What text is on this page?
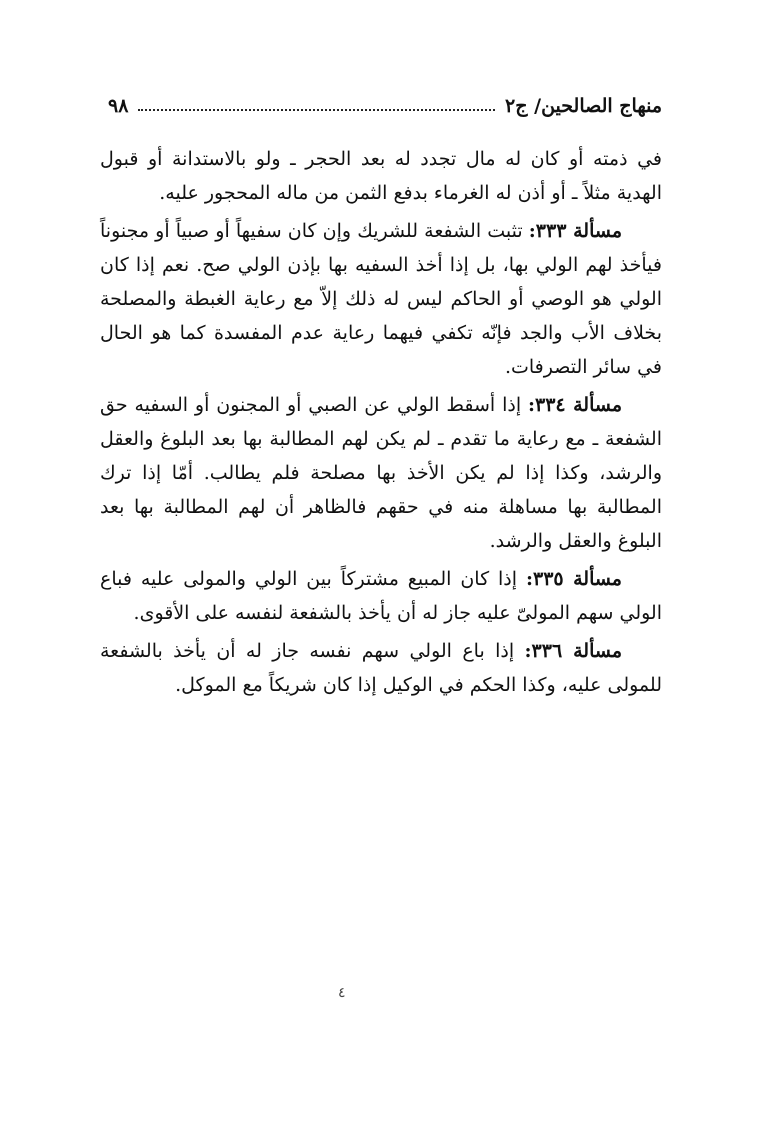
منهاج الصالحين/ ج٢
٩٨

في ذمته أو كان له مال تجدد له بعد الحجر ـ ولو بالاستدانة أو قبول الهدية مثلاً ـ أو أذن له الغرماء بدفع الثمن من ماله المحجور عليه.

مسألة ٣٣٣: تثبت الشفعة للشريك وإن كان سفيهاً أو صبياً أو مجنوناً فيأخذ لهم الولي بها، بل إذا أخذ السفيه بها بإذن الولي صح. نعم إذا كان الولي هو الوصي أو الحاكم ليس له ذلك إلاّ مع رعاية الغبطة والمصلحة بخلاف الأب والجد فإنّه تكفي فيهما رعاية عدم المفسدة كما هو الحال في سائر التصرفات.

مسألة ٣٣٤: إذا أسقط الولي عن الصبي أو المجنون أو السفيه حق الشفعة ـ مع رعاية ما تقدم ـ لم يكن لهم المطالبة بها بعد البلوغ والعقل والرشد، وكذا إذا لم يكن الأخذ بها مصلحة فلم يطالب. أمّا إذا ترك المطالبة بها مساهلة منه في حقهم فالظاهر أن لهم المطالبة بها بعد البلوغ والعقل والرشد.

مسألة ٣٣٥: إذا كان المبيع مشتركاً بين الولي والمولى عليه فباع الولي سهم المولىّ عليه جاز له أن يأخذ بالشفعة لنفسه على الأقوى.

مسألة ٣٣٦: إذا باع الولي سهم نفسه جاز له أن يأخذ بالشفعة للمولى عليه، وكذا الحكم في الوكيل إذا كان شريكاً مع الموكل.

٤
